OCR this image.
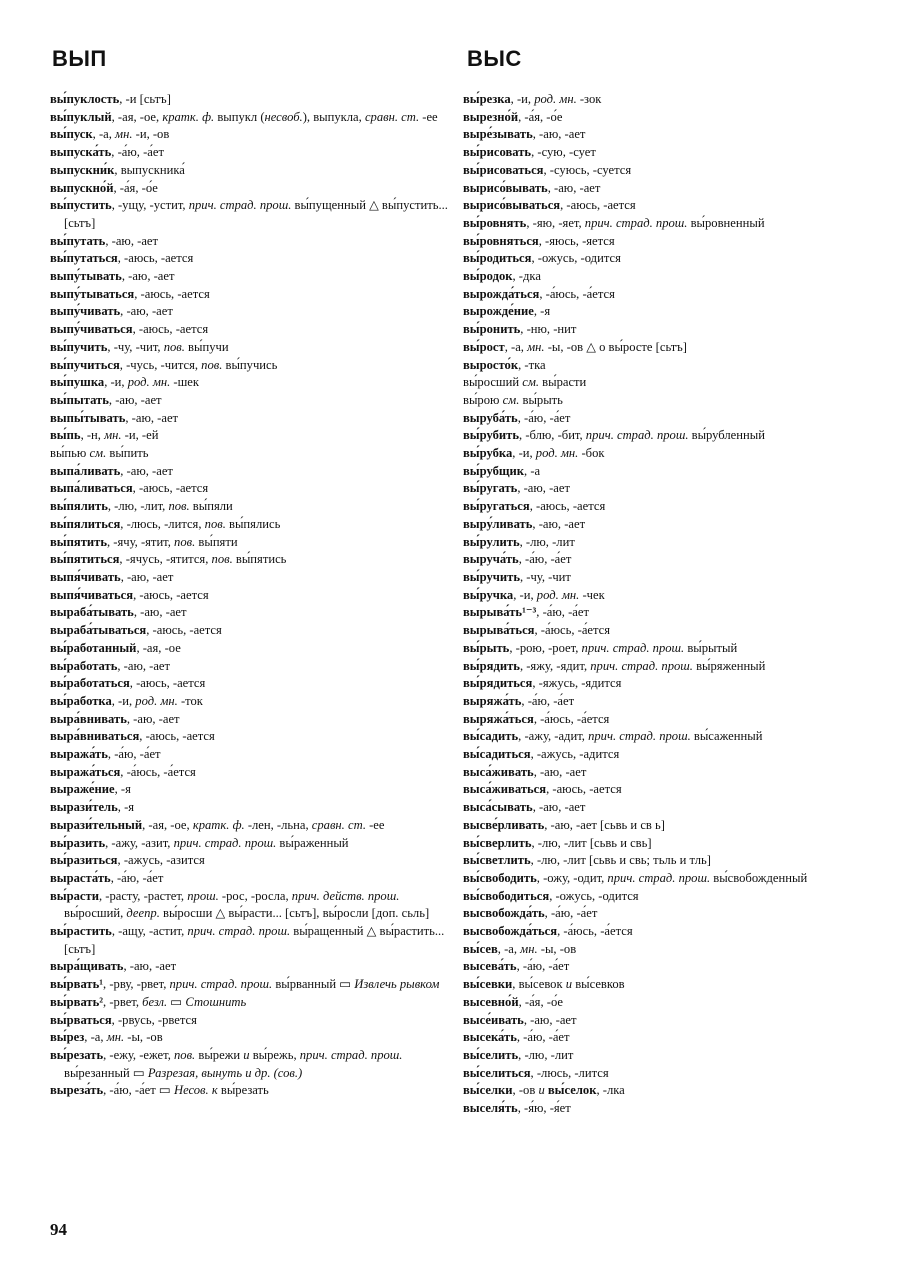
ВЫП	ВЫС

вы́пуклость, -и [cьтъ]

вы́пуклый, -ая, -ое, кратк. ф. выпукл (несвоб.), выпукла, сравн. ст. -ее

вы́пуск, -а, мн. -и, -ов

выпуска́ть, -а́ю, -а́ет

выпускни́к, выпускника́

выпускно́й, -а́я, -о́е

вы́пустить, -ущу, -устит, прич. страд. прош. вы́пущенный △ вы́пустить... [cьтъ]

вы́путать, -аю, -ает

вы́путаться, -аюсь, -ается

выпу́тывать, -аю, -ает

выпу́тываться, -аюсь, -ается

выпу́чивать, -аю, -ает

выпу́чиваться, -аюсь, -ается

вы́пучить, -чу, -чит, пов. вы́пучи

вы́пучиться, -чусь, -чится, пов. вы́пучись

вы́пушка, -и, род. мн. -шек

вы́пытать, -аю, -ает

выпы́тывать, -аю, -ает

вы́пь, -н, мн. -и, -ей

вы́пью см. вы́пить

выпа́ливать, -аю, -ает

выпа́ливаться, -аюсь, -ается

вы́пялить, -лю, -лит, пов. вы́пяли

вы́пялиться, -люсь, -лится, пов. вы́пялись

вы́пятить, -ячу, -ятит, пов. вы́пяти

вы́пятиться, -ячусь, -ятится, пов. вы́пятись

выпя́чивать, -аю, -ает

выпя́чиваться, -аюсь, -ается

выраба́тывать, -аю, -ает

выраба́тываться, -аюсь, -ается

вы́работанный, -ая, -ое

вы́работать, -аю, -ает

вы́работаться, -аюсь, -ается

вы́работка, -и, род. мн. -ток

выра́внивать, -аю, -ает

выра́вниваться, -аюсь, -ается

выража́ть, -а́ю, -а́ет

выража́ться, -а́юсь, -а́ется

выраже́ние, -я

вырази́тель, -я

вырази́тельный, -ая, -ое, кратк. ф. -лен, -льна, сравн. ст. -ее

вы́разить, -ажу, -азит, прич. страд. прош. вы́раженный

вы́разиться, -ажусь, -азится

выраста́ть, -а́ю, -а́ет

вы́расти, -расту, -растет, прош. -рос, -росла, прич. действ. прош. вы́росший, деепр. вы́росши △ вы́расти... [cьтъ], вы́росли [доп. cьль]

вы́растить, -ащу, -астит, прич. страд. прош. вы́ращенный △ вы́растить... [cьтъ]

выра́щивать, -аю, -ает

вы́рвать¹, -рву, -рвет, прич. страд. прош. вы́рванный ▭ Извлечь рывком

вы́рвать², -рвет, безл. ▭ Стошнить

вы́рваться, -рвусь, -рвется

вы́рез, -а, мн. -ы, -ов

вы́резать, -ежу, -ежет, пов. вы́режи и вы́режь, прич. страд. прош. вы́резанный ▭ Разрезая, вынуть и др. (сов.)

выреза́ть, -а́ю, -а́ет ▭ Несов. к вы́резать

вы́резка, -и, род. мн. -зок

вырезно́й, -а́я, -о́е

выре́зывать, -аю, -ает

вы́рисовать, -сую, -сует

вы́рисоваться, -суюсь, -суется

вырисо́вывать, -аю, -ает

вырисо́вываться, -аюсь, -ается

вы́ровнять, -яю, -яет, прич. страд. прош. вы́ровненный

вы́ровняться, -яюсь, -яется

вы́родиться, -ожусь, -одится

вы́родок, -дка

вырожда́ться, -а́юсь, -а́ется

вырожде́ние, -я

вы́ронить, -ню, -нит

вы́рост, -а, мн. -ы, -ов △ о вы́росте [cьтъ]

выросто́к, -тка

вы́росший см. вы́расти

вы́рою см. вы́рыть

выруба́ть, -а́ю, -а́ет

вы́рубить, -блю, -бит, прич. страд. прош. вы́рубленный

вы́рубка, -и, род. мн. -бок

вы́рубщик, -а

вы́ругать, -аю, -ает

вы́ругаться, -аюсь, -ается

выру́ливать, -аю, -ает

вы́рулить, -лю, -лит

выруча́ть, -а́ю, -а́ет

вы́ручить, -чу, -чит

вы́ручка, -и, род. мн. -чек

вырыва́ть¹⁻³, -а́ю, -а́ет

вырыва́ться, -а́юсь, -а́ется

вы́рыть, -рою, -роет, прич. страд. прош. вы́рытый

вы́рядить, -яжу, -ядит, прич. страд. прош. вы́ряженный

вы́рядиться, -яжусь, -ядится

выряжа́ть, -а́ю, -а́ет

выряжа́ться, -а́юсь, -а́ется

вы́садить, -ажу, -адит, прич. страд. прош. вы́саженный

вы́садиться, -ажусь, -адится

выса́живать, -аю, -ает

выса́живаться, -аюсь, -ается

выса́сывать, -аю, -ает

высве́рливать, -аю, -ает [cьвь и св ь]

вы́сверлить, -лю, -лит [cьвь и свь]

вы́светлить, -лю, -лит [cьвь и свь; тьль и тль]

вы́свободить, -ожу, -одит, прич. страд. прош. вы́свобожденный

вы́свободиться, -ожусь, -одится

высвобожда́ть, -а́ю, -а́ет

высвобожда́ться, -а́юсь, -а́ется

вы́сев, -а, мн. -ы, -ов

высева́ть, -а́ю, -а́ет

вы́севки, вы́севок и вы́севков

высевно́й, -а́я, -о́е

высе́ивать, -аю, -ает

высека́ть, -а́ю, -а́ет

вы́селить, -лю, -лит

вы́селиться, -люсь, -лится

вы́селки, -ов и вы́селок, -лка

выселя́ть, -я́ю, -я́ет

94
